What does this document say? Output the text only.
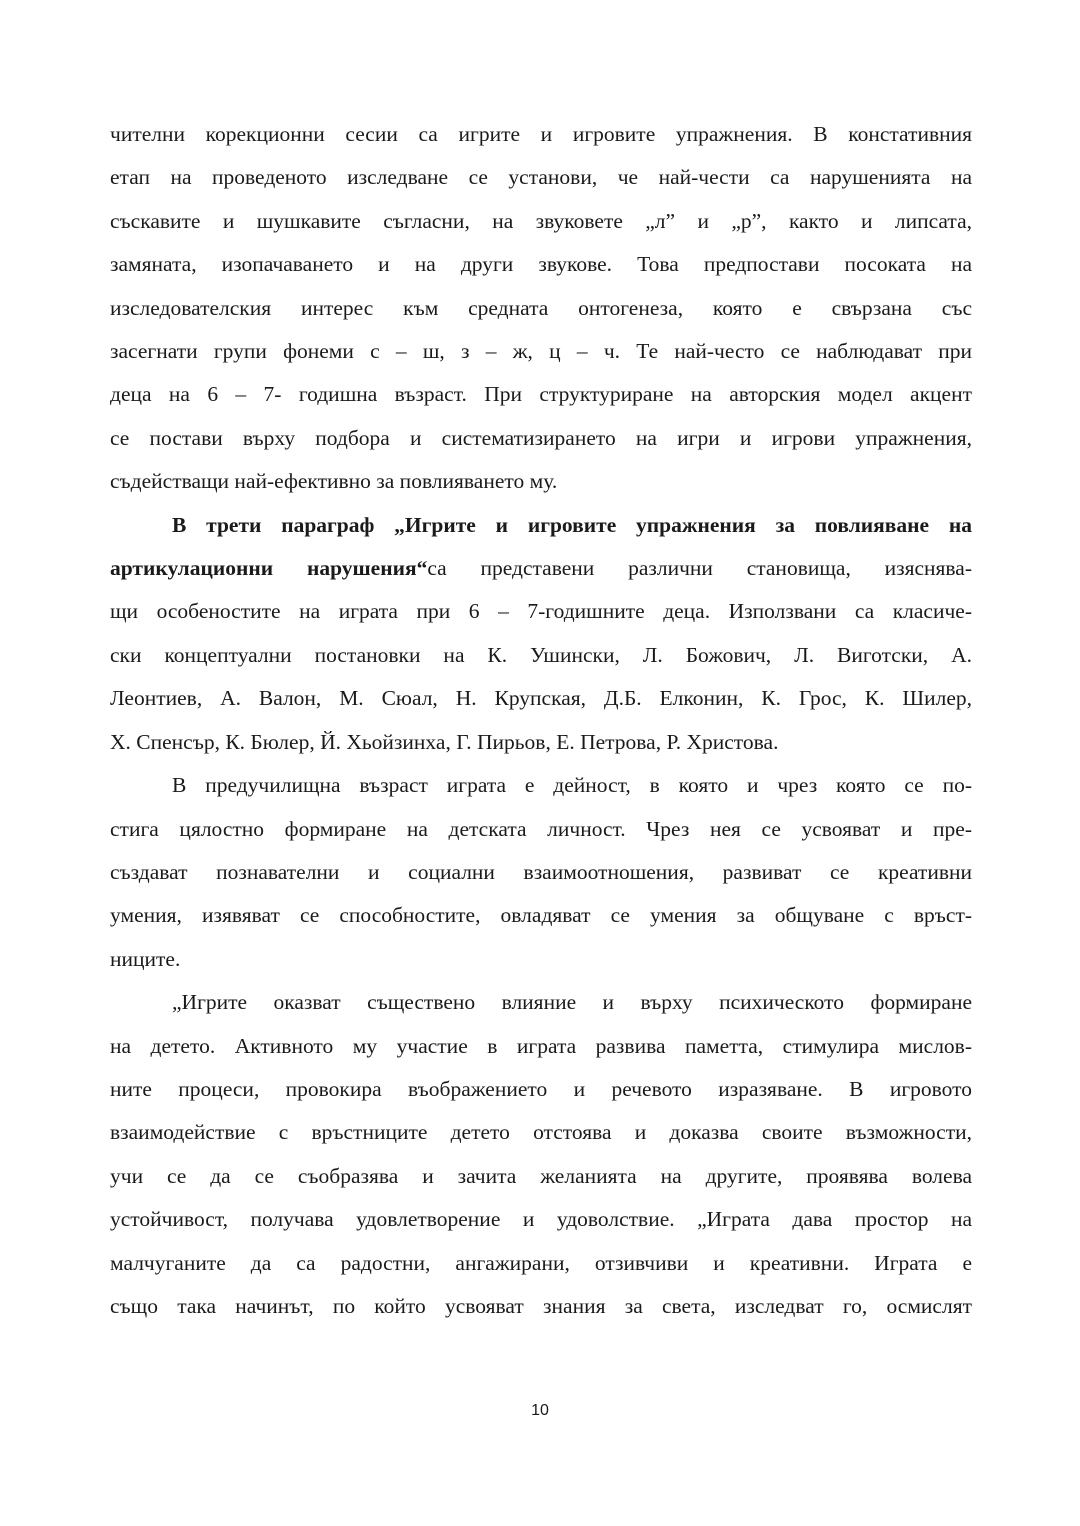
чителни корекционни сесии са игрите и игровите упражнения. В констативния
етап на проведеното изследване се установи, че най-чести са нарушенията на
съскавите и шушкавите съгласни, на звуковете „л” и „р”, както и липсата,
замяната, изопачаването и на други звукове. Това предпостави посоката на
изследователския интерес към средната онтогенеза, която е свързана със
засегнати групи фонеми с – ш, з – ж, ц – ч. Те най-често се наблюдават при
деца на 6 – 7- годишна възраст. При структуриране на авторския модел акцент
се постави върху подбора и систематизирането на игри и игрови упражнения,
съдействащи най-ефективно за повлияването му.

В трети параграф „Игрите и игровите упражнения за повлияване на
артикулационни нарушения“са представени различни становища, изяснява-
щи особеностите на играта при 6 – 7-годишните деца. Използвани са класиче-
ски концептуални постановки на К. Ушински, Л. Божович, Л. Виготски, А.
Леонтиев, А. Валон, М. Сюал, Н. Крупская, Д.Б. Елконин, К. Грос, К. Шилер,
Х. Спенсър, К. Бюлер, Й. Хьойзинха, Г. Пирьов, Е. Петрова, Р. Христова.

В предучилищна възраст играта е дейност, в която и чрез която се по-
стига цялостно формиране на детската личност. Чрез нея се усвояват и пре-
създават познавателни и социални взаимоотношения, развиват се креативни
умения, изявяват се способностите, овладяват се умения за общуване с връст-
ниците.

„Игрите оказват съществено влияние и върху психическото формиране
на детето. Активното му участие в играта развива паметта, стимулира мислов-
ните процеси, провокира въображението и речевото изразяване. В игровото
взаимодействие с връстниците детето отстоява и доказва своите възможности,
учи се да се съобразява и зачита желанията на другите, проявява волева
устойчивост, получава удовлетворение и удоволствие. „Играта дава простор на
малчуганите да са радостни, ангажирани, отзивчиви и креативни. Играта е
също така начинът, по който усвояват знания за света, изследват го, осмислят

10
